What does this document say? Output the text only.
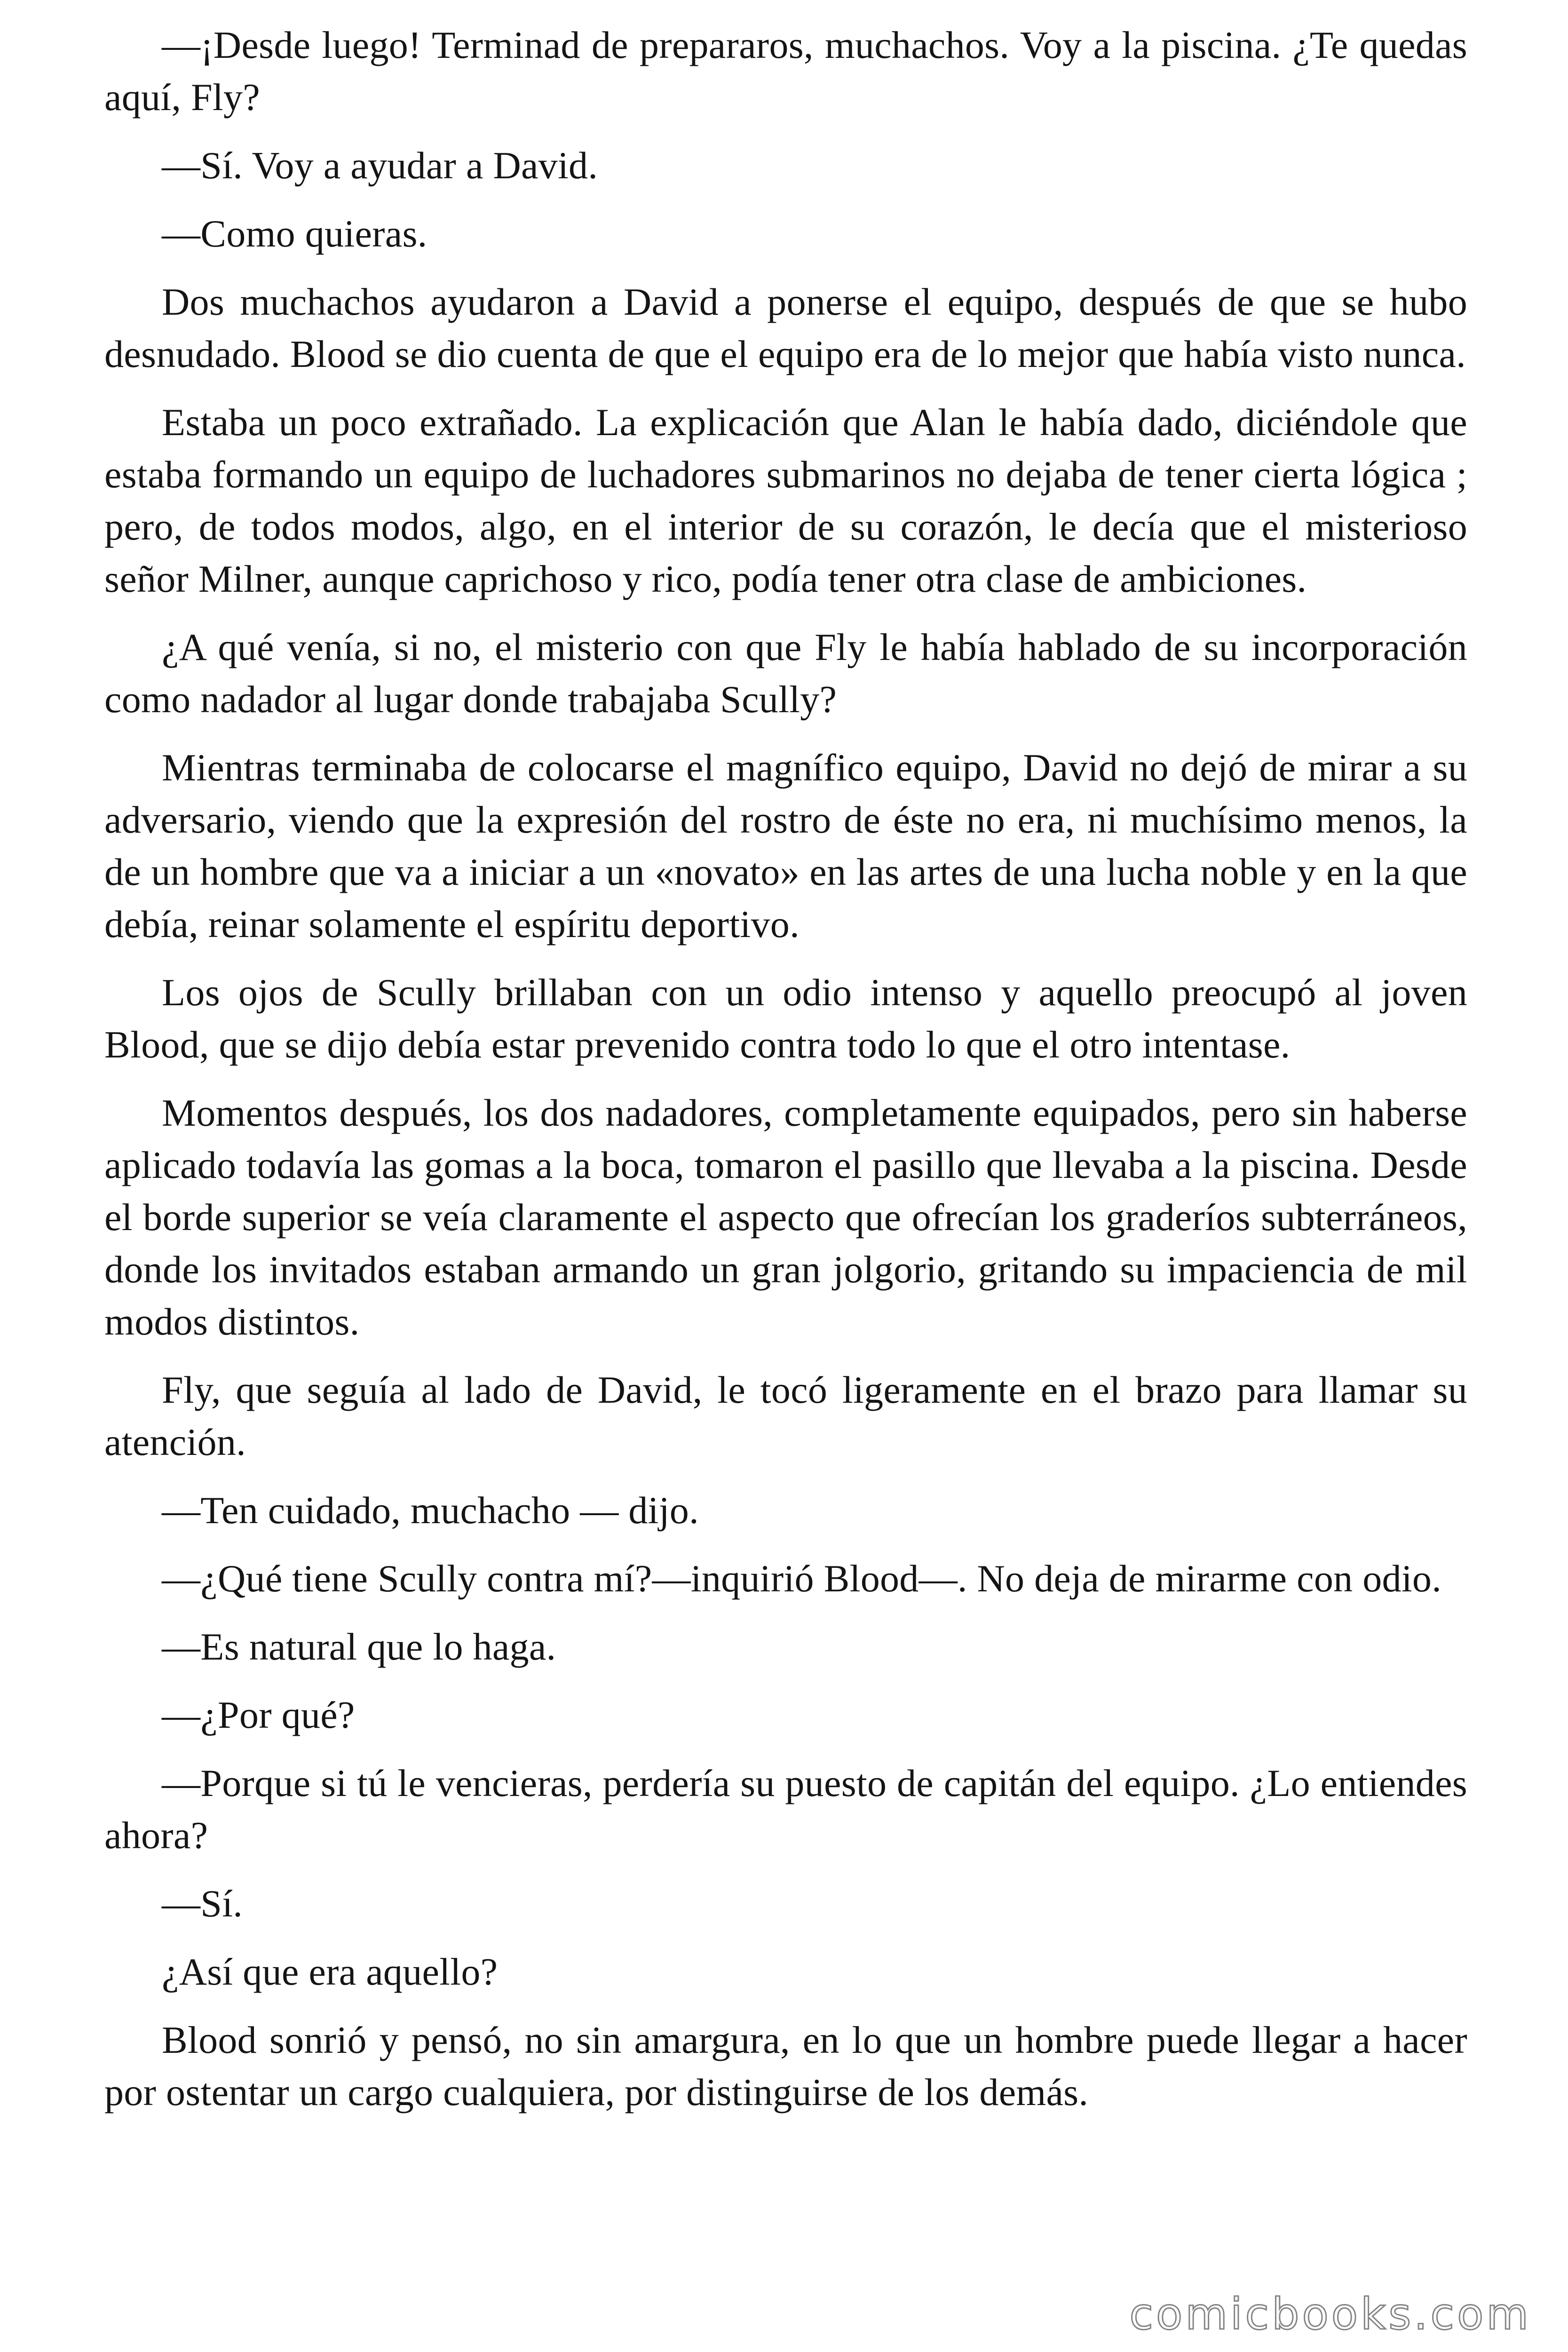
—¡Desde luego! Terminad de prepararos, muchachos. Voy a la piscina. ¿Te quedas aquí, Fly?

—Sí. Voy a ayudar a David.

—Como quieras.

Dos muchachos ayudaron a David a ponerse el equipo, después de que se hubo desnudado. Blood se dio cuenta de que el equipo era de lo mejor que había visto nunca.

Estaba un poco extrañado. La explicación que Alan le había dado, diciéndole que estaba formando un equipo de luchadores submarinos no dejaba de tener cierta lógica ; pero, de todos modos, algo, en el interior de su corazón, le decía que el misterioso señor Milner, aunque caprichoso y rico, podía tener otra clase de ambiciones.

¿A qué venía, si no, el misterio con que Fly le había hablado de su incorporación como nadador al lugar donde trabajaba Scully?

Mientras terminaba de colocarse el magnífico equipo, David no dejó de mirar a su adversario, viendo que la expresión del rostro de éste no era, ni muchísimo menos, la de un hombre que va a iniciar a un «novato» en las artes de una lucha noble y en la que debía, reinar solamente el espíritu deportivo.

Los ojos de Scully brillaban con un odio intenso y aquello preocupó al joven Blood, que se dijo debía estar prevenido contra todo lo que el otro intentase.

Momentos después, los dos nadadores, completamente equipados, pero sin haberse aplicado todavía las gomas a la boca, tomaron el pasillo que llevaba a la piscina. Desde el borde superior se veía claramente el aspecto que ofrecían los graderíos subterráneos, donde los invitados estaban armando un gran jolgorio, gritando su impaciencia de mil modos distintos.

Fly, que seguía al lado de David, le tocó ligeramente en el brazo para llamar su atención.

—Ten cuidado, muchacho — dijo.

—¿Qué tiene Scully contra mí?—inquirió Blood—. No deja de mirarme con odio.

—Es natural que lo haga.

—¿Por qué?

—Porque si tú le vencieras, perdería su puesto de capitán del equipo. ¿Lo entiendes ahora?

—Sí.

¿Así que era aquello?

Blood sonrió y pensó, no sin amargura, en lo que un hombre puede llegar a hacer por ostentar un cargo cualquiera, por distinguirse de los demás.

comicbooks.com
